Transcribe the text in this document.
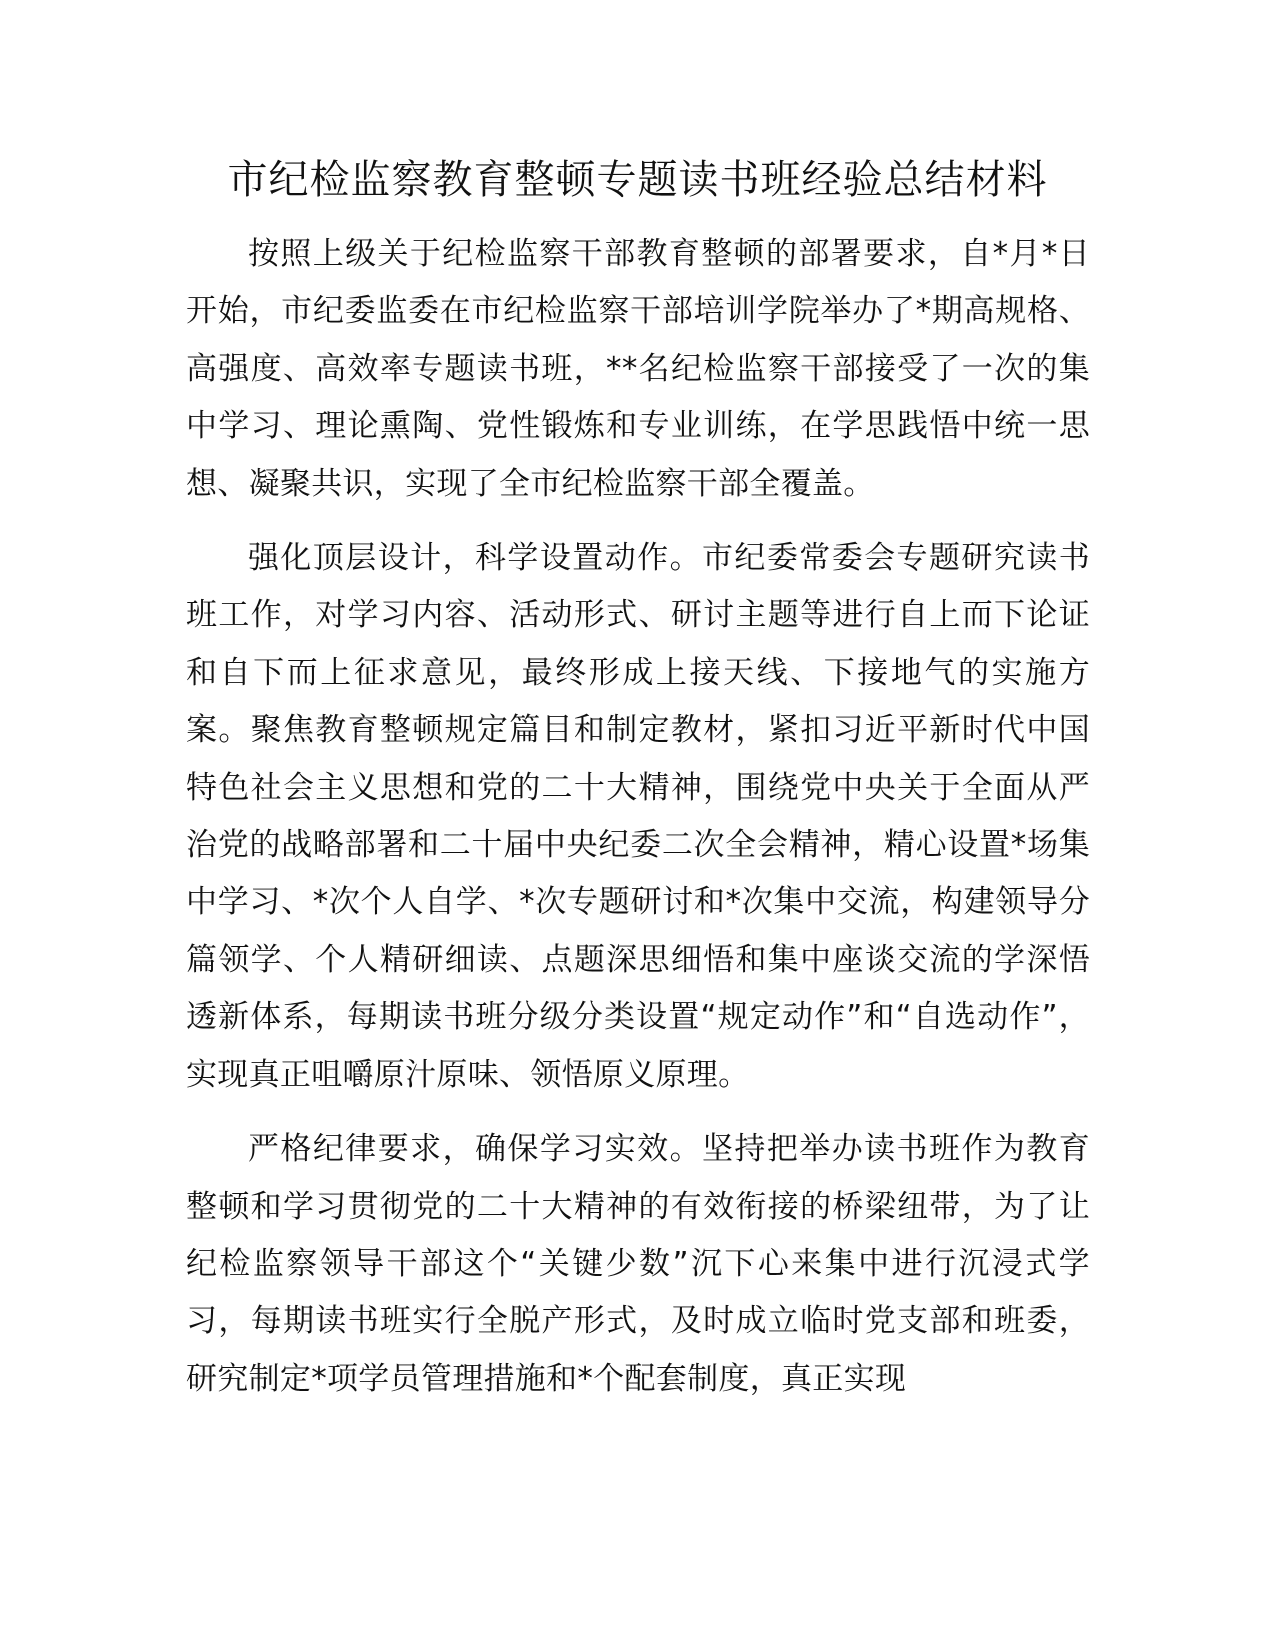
市纪检监察教育整顿专题读书班经验总结材料

按照上级关于纪检监察干部教育整顿的部署要求，自*月*日开始，市纪委监委在市纪检监察干部培训学院举办了*期高规格、高强度、高效率专题读书班，**名纪检监察干部接受了一次的集中学习、理论熏陶、党性锻炼和专业训练，在学思践悟中统一思想、凝聚共识，实现了全市纪检监察干部全覆盖。

强化顶层设计，科学设置动作。市纪委常委会专题研究读书班工作，对学习内容、活动形式、研讨主题等进行自上而下论证和自下而上征求意见，最终形成上接天线、下接地气的实施方案。聚焦教育整顿规定篇目和制定教材，紧扣习近平新时代中国特色社会主义思想和党的二十大精神，围绕党中央关于全面从严治党的战略部署和二十届中央纪委二次全会精神，精心设置*场集中学习、*次个人自学、*次专题研讨和*次集中交流，构建领导分篇领学、个人精研细读、点题深思细悟和集中座谈交流的学深悟透新体系，每期读书班分级分类设置“规定动作”和“自选动作”，实现真正咀嚼原汁原味、领悟原义原理。

严格纪律要求，确保学习实效。坚持把举办读书班作为教育整顿和学习贯彻党的二十大精神的有效衔接的桥梁纽带，为了让纪检监察领导干部这个“关键少数”沉下心来集中进行沉浸式学习，每期读书班实行全脱产形式，及时成立临时党支部和班委，研究制定*项学员管理措施和*个配套制度，真正实现
